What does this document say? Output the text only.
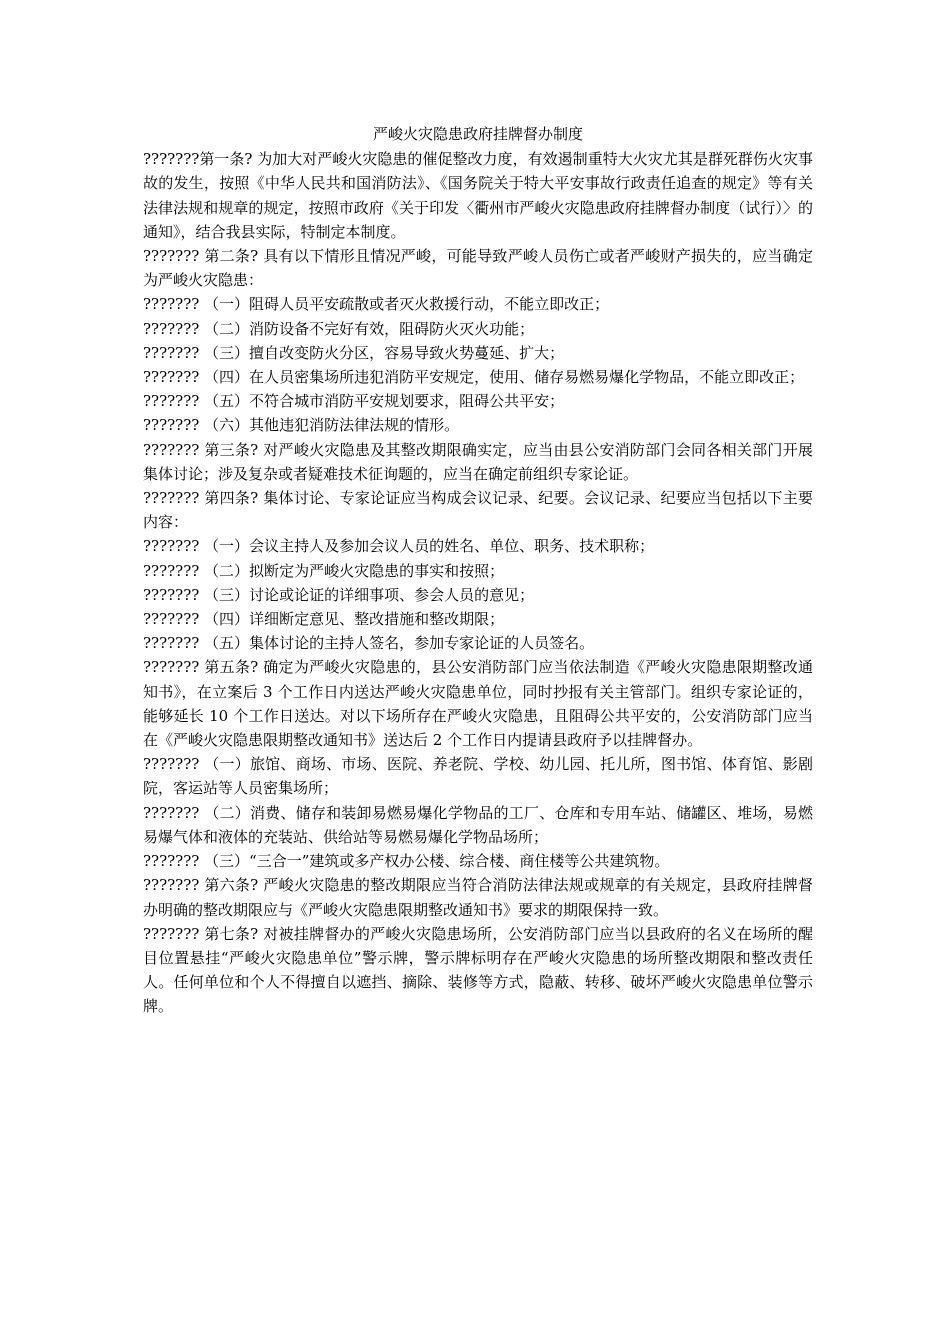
严峻火灾隐患政府挂牌督办制度

???????第一条? 为加大对严峻火灾隐患的催促整改力度，有效遏制重特大火灾尤其是群死群伤火灾事故的发生，按照《中华人民共和国消防法》、《国务院关于特大平安事故行政责任追查的规定》等有关法律法规和规章的规定，按照市政府《关于印发〈衢州市严峻火灾隐患政府挂牌督办制度（试行）〉的通知》，结合我县实际，特制定本制度。

??????? 第二条? 具有以下情形且情况严峻，可能导致严峻人员伤亡或者严峻财产损失的，应当确定为严峻火灾隐患：

??????? （一）阻碍人员平安疏散或者灭火救援行动，不能立即改正；

??????? （二）消防设备不完好有效，阻碍防火灭火功能；

??????? （三）擅自改变防火分区，容易导致火势蔓延、扩大；

??????? （四）在人员密集场所违犯消防平安规定，使用、储存易燃易爆化学物品，不能立即改正；

??????? （五）不符合城市消防平安规划要求，阻碍公共平安；

??????? （六）其他违犯消防法律法规的情形。

??????? 第三条? 对严峻火灾隐患及其整改期限确实定，应当由县公安消防部门会同各相关部门开展集体讨论；涉及复杂或者疑难技术征询题的，应当在确定前组织专家论证。

??????? 第四条? 集体讨论、专家论证应当构成会议记录、纪要。会议记录、纪要应当包括以下主要内容：

??????? （一）会议主持人及参加会议人员的姓名、单位、职务、技术职称；

??????? （二）拟断定为严峻火灾隐患的事实和按照；

??????? （三）讨论或论证的详细事项、参会人员的意见；

??????? （四）详细断定意见、整改措施和整改期限；

??????? （五）集体讨论的主持人签名，参加专家论证的人员签名。

??????? 第五条? 确定为严峻火灾隐患的，县公安消防部门应当依法制造《严峻火灾隐患限期整改通知书》，在立案后 3 个工作日内送达严峻火灾隐患单位，同时抄报有关主管部门。组织专家论证的，能够延长 10 个工作日送达。对以下场所存在严峻火灾隐患，且阻碍公共平安的，公安消防部门应当在《严峻火灾隐患限期整改通知书》送达后 2 个工作日内提请县政府予以挂牌督办。

??????? （一）旅馆、商场、市场、医院、养老院、学校、幼儿园、托儿所，图书馆、体育馆、影剧院，客运站等人员密集场所；

??????? （二）消费、储存和装卸易燃易爆化学物品的工厂、仓库和专用车站、储罐区、堆场，易燃易爆气体和液体的充装站、供给站等易燃易爆化学物品场所；

??????? （三）“三合一”建筑或多产权办公楼、综合楼、商住楼等公共建筑物。

??????? 第六条? 严峻火灾隐患的整改期限应当符合消防法律法规或规章的有关规定，县政府挂牌督办明确的整改期限应与《严峻火灾隐患限期整改通知书》要求的期限保持一致。

??????? 第七条? 对被挂牌督办的严峻火灾隐患场所，公安消防部门应当以县政府的名义在场所的醒目位置悬挂“严峻火灾隐患单位”警示牌，警示牌标明存在严峻火灾隐患的场所整改期限和整改责任人。任何单位和个人不得擅自以遮挡、摘除、装修等方式，隐蔽、转移、破坏严峻火灾隐患单位警示牌。
